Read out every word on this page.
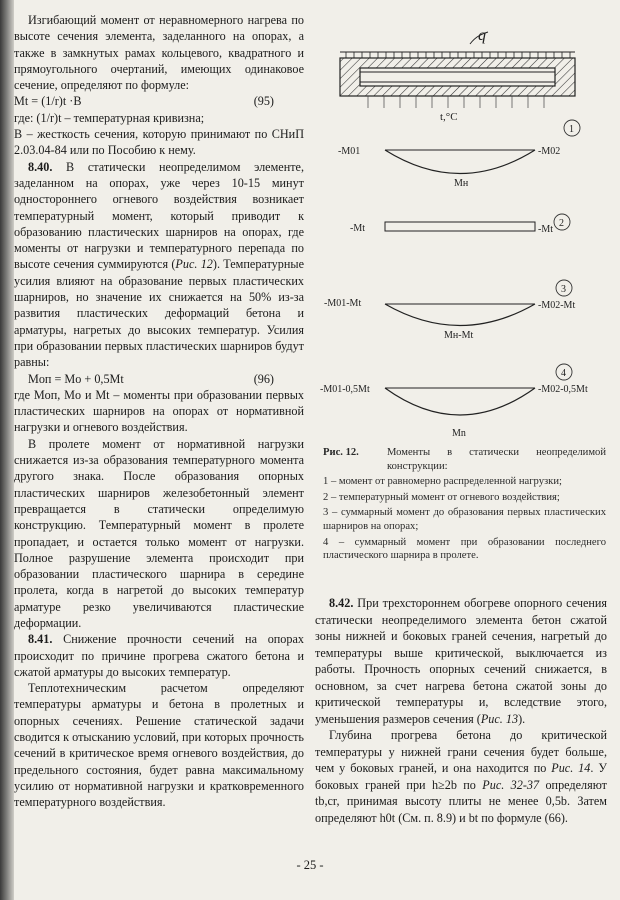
Изгибающий момент от неравномерного нагрева по высоте сечения элемента, заделанного на опорах, а также в замкнутых рамах кольцевого, квадратного и прямоугольного очертаний, имеющих одинаковое сечение, определяют по формуле:

Mt = (1/r)t ·B	(95)

где: (1/r)t – температурная кривизна;

B – жесткость сечения, которую принимают по СНиП 2.03.04-84 или по Пособию к нему.

8.40. В статически неопределимом элементе, заделанном на опорах, уже через 10-15 минут одностороннего огневого воздействия возникает температурный момент, который приводит к образованию пластических шарниров на опорах, где моменты от нагрузки и температурного перепада по высоте сечения суммируются (Рис. 12). Температурные усилия влияют на образование первых пластических шарниров, но значение их снижается на 50% из-за развития пластических деформаций бетона и арматуры, нагретых до высоких температур. Усилия при образовании первых пластических шарниров будут равны:

Mоп = Mо + 0,5Mt	(96)

где Mоп, Mо и Mt – моменты при образовании первых пластических шарниров на опорах от нормативной нагрузки и огневого воздействия.

В пролете момент от нормативной нагрузки снижается из-за образования температурного момента другого знака. После образования опорных пластических шарниров железобетонный элемент превращается в статически определимую конструкцию. Температурный момент в пролете пропадает, и остается только момент от нагрузки. Полное разрушение элемента происходит при образовании пластического шарнира в середине пролета, когда в нагретой до высоких температур арматуре резко увеличиваются пластические деформации.

8.41. Снижение прочности сечений на опорах происходит по причине прогрева сжатого бетона и сжатой арматуры до высоких температур.

Теплотехническим расчетом определяют температуры арматуры и бетона в пролетных и опорных сечениях. Решение статической задачи сводится к отысканию условий, при которых прочность сечений в критическое время огневого воздействия, до предельного состояния, будет равна максимальному усилию от нормативной нагрузки и кратковременного температурного воздействия.

q
t,°C
-M01	-M02
Mн
1
-Mt	-Mt
2
-M01-Mt	-M02-Mt
Mн-Mt
3
-M01-0,5Mt	-M02-0,5Mt
Mn
4
Рис. 12.	Моменты в статически неопределимой конструкции:

1 – момент от равномерно распределенной нагрузки;

2 – температурный момент от огневого воздействия;

3 – суммарный момент до образования первых пластических шарниров на опорах;

4 – суммарный момент при образовании последнего пластического шарнира в пролете.

8.42. При трехстороннем обогреве опорного сечения статически неопределимого элемента бетон сжатой зоны нижней и боковых граней сечения, нагретый до температуры выше критической, выключается из работы. Прочность опорных сечений снижается, в основном, за счет нагрева бетона сжатой зоны до критической температуры и, вследствие этого, уменьшения размеров сечения (Рис. 13).

Глубина прогрева бетона до критической температуры у нижней грани сечения будет больше, чем у боковых граней, и она находится по Рис. 14. У боковых граней при h≥2b по Рис. 32-37 определяют tb,cr, принимая высоту плиты не менее 0,5b. Затем определяют h0t (См. п. 8.9) и bt по формуле (66).

- 25 -
